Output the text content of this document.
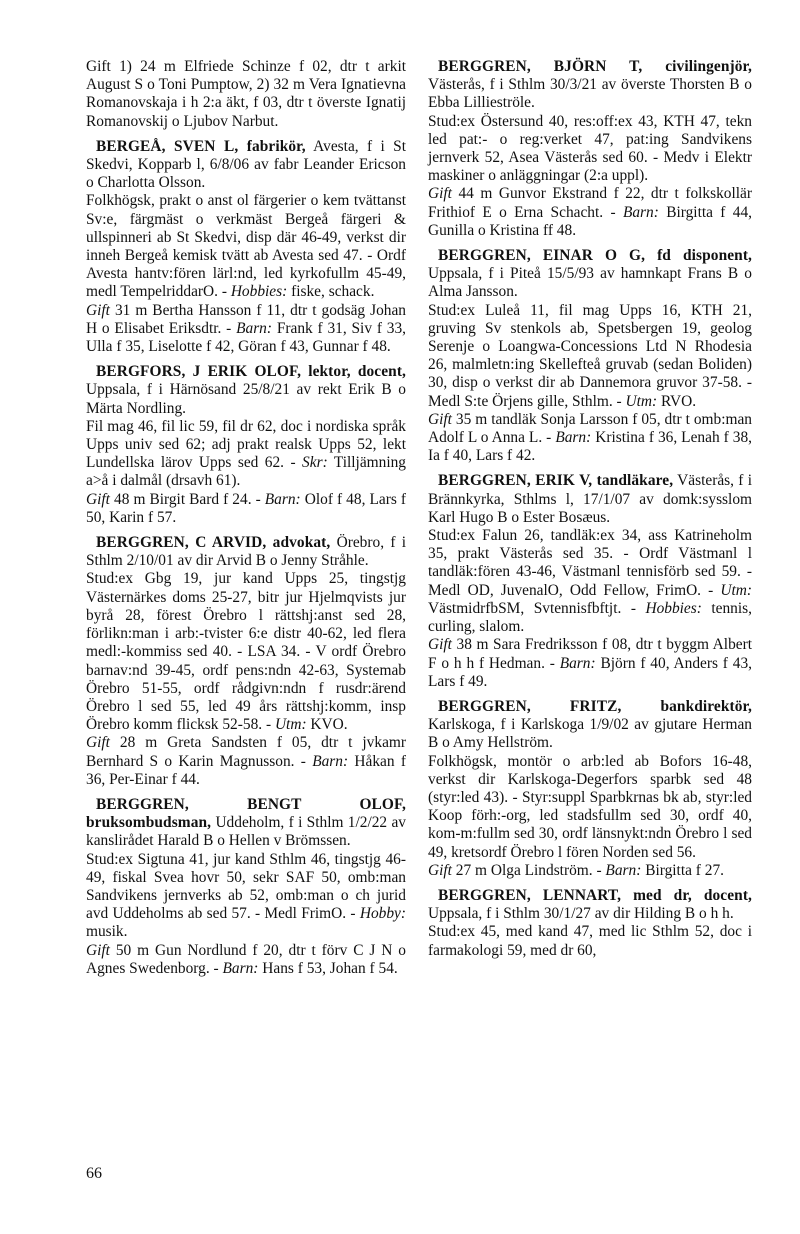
Gift 1) 24 m Elfriede Schinze f 02, dtr t arkit August S o Toni Pumptow, 2) 32 m Vera Ignatievna Romanovskaja i h 2:a äkt, f 03, dtr t överste Ignatij Romanovskij o Ljubov Narbut.
BERGEÅ, SVEN L, fabrikör, Avesta, f i St Skedvi, Kopparb l, 6/8/06 av fabr Leander Ericson o Charlotta Olsson.
Folkhögsk, prakt o anst ol färgerier o kem tvättanst Sv:e, färgmäst o verkmäst Bergeå färgeri & ullspinneri ab St Skedvi, disp där 46-49, verkst dir inneh Bergeå kemisk tvätt ab Avesta sed 47. - Ordf Avesta hantv:fören lärl:nd, led kyrkofullm 45-49, medl TempelriddarO. - Hobbies: fiske, schack.
Gift 31 m Bertha Hansson f 11, dtr t godsäg Johan H o Elisabet Eriksdtr. - Barn: Frank f 31, Siv f 33, Ulla f 35, Liselotte f 42, Göran f 43, Gunnar f 48.
BERGFORS, J ERIK OLOF, lektor, docent, Uppsala, f i Härnösand 25/8/21 av rekt Erik B o Märta Nordling.
Fil mag 46, fil lic 59, fil dr 62, doc i nordiska språk Upps univ sed 62; adj prakt realsk Upps 52, lekt Lundellska lärov Upps sed 62. - Skr: Tilljämning a>å i dalmål (drsavh 61).
Gift 48 m Birgit Bard f 24. - Barn: Olof f 48, Lars f 50, Karin f 57.
BERGGREN, C ARVID, advokat, Örebro, f i Sthlm 2/10/01 av dir Arvid B o Jenny Stråhle.
Stud:ex Gbg 19, jur kand Upps 25, tingstjg Västernärkes doms 25-27, bitr jur Hjelmqvists jur byrå 28, förest Örebro l rättshj:anst sed 28, förlikn:man i arb:-tvister 6:e distr 40-62, led flera medl:-kommiss sed 40. - LSA 34. - V ordf Örebro barnav:nd 39-45, ordf pens:ndn 42-63, Systemab Örebro 51-55, ordf rådgivn:ndn f rusdr:ärend Örebro l sed 55, led 49 års rättshj:komm, insp Örebro komm flicksk 52-58. - Utm: KVO.
Gift 28 m Greta Sandsten f 05, dtr t jvkamr Bernhard S o Karin Magnusson. - Barn: Håkan f 36, Per-Einar f 44.
BERGGREN, BENGT OLOF, bruksombudsman, Uddeholm, f i Sthlm 1/2/22 av kanslirådet Harald B o Hellen v Brömssen.
Stud:ex Sigtuna 41, jur kand Sthlm 46, tingstjg 46-49, fiskal Svea hovr 50, sekr SAF 50, omb:man Sandvikens jernverks ab 52, omb:man o ch jurid avd Uddeholms ab sed 57. - Medl FrimO. - Hobby: musik.
Gift 50 m Gun Nordlund f 20, dtr t förv C J N o Agnes Swedenborg. - Barn: Hans f 53, Johan f 54.
BERGGREN, BJÖRN T, civilingenjör, Västerås, f i Sthlm 30/3/21 av överste Thorsten B o Ebba Lillieströle.
Stud:ex Östersund 40, res:off:ex 43, KTH 47, tekn led pat:- o reg:verket 47, pat:ing Sandvikens jernverk 52, Asea Västerås sed 60. - Medv i Elektr maskiner o anläggningar (2:a uppl).
Gift 44 m Gunvor Ekstrand f 22, dtr t folkskollär Frithiof E o Erna Schacht. - Barn: Birgitta f 44, Gunilla o Kristina ff 48.
BERGGREN, EINAR O G, fd disponent, Uppsala, f i Piteå 15/5/93 av hamnkapt Frans B o Alma Jansson.
Stud:ex Luleå 11, fil mag Upps 16, KTH 21, gruving Sv stenkols ab, Spetsbergen 19, geolog Serenje o Loangwa-Concessions Ltd N Rhodesia 26, malmletn:ing Skellefteå gruvab (sedan Boliden) 30, disp o verkst dir ab Dannemora gruvor 37-58. - Medl S:te Örjens gille, Sthlm. - Utm: RVO.
Gift 35 m tandläk Sonja Larsson f 05, dtr t omb:man Adolf L o Anna L. - Barn: Kristina f 36, Lenah f 38, Ia f 40, Lars f 42.
BERGGREN, ERIK V, tandläkare, Västerås, f i Brännkyrka, Sthlms l, 17/1/07 av domk:sysslom Karl Hugo B o Ester Bosæus.
Stud:ex Falun 26, tandläk:ex 34, ass Katrineholm 35, prakt Västerås sed 35. - Ordf Västmanl l tandläk:fören 43-46, Västmanl tennisförb sed 59. - Medl OD, JuvenalO, Odd Fellow, FrimO. - Utm: VästmidrfbSM, Svtennisfbftjt. - Hobbies: tennis, curling, slalom.
Gift 38 m Sara Fredriksson f 08, dtr t byggm Albert F o h h f Hedman. - Barn: Björn f 40, Anders f 43, Lars f 49.
BERGGREN, FRITZ, bankdirektör, Karlskoga, f i Karlskoga 1/9/02 av gjutare Herman B o Amy Hellström.
Folkhögsk, montör o arb:led ab Bofors 16-48, verkst dir Karlskoga-Degerfors sparbk sed 48 (styr:led 43). - Styr:suppl Sparbkrnas bk ab, styr:led Koop förh:-org, led stadsfullm sed 30, ordf 40, kom-m:fullm sed 30, ordf länsnykt:ndn Örebro l sed 49, kretsordf Örebro l fören Norden sed 56.
Gift 27 m Olga Lindström. - Barn: Birgitta f 27.
BERGGREN, LENNART, med dr, docent, Uppsala, f i Sthlm 30/1/27 av dir Hilding B o h h.
Stud:ex 45, med kand 47, med lic Sthlm 52, doc i farmakologi 59, med dr 60,
66
